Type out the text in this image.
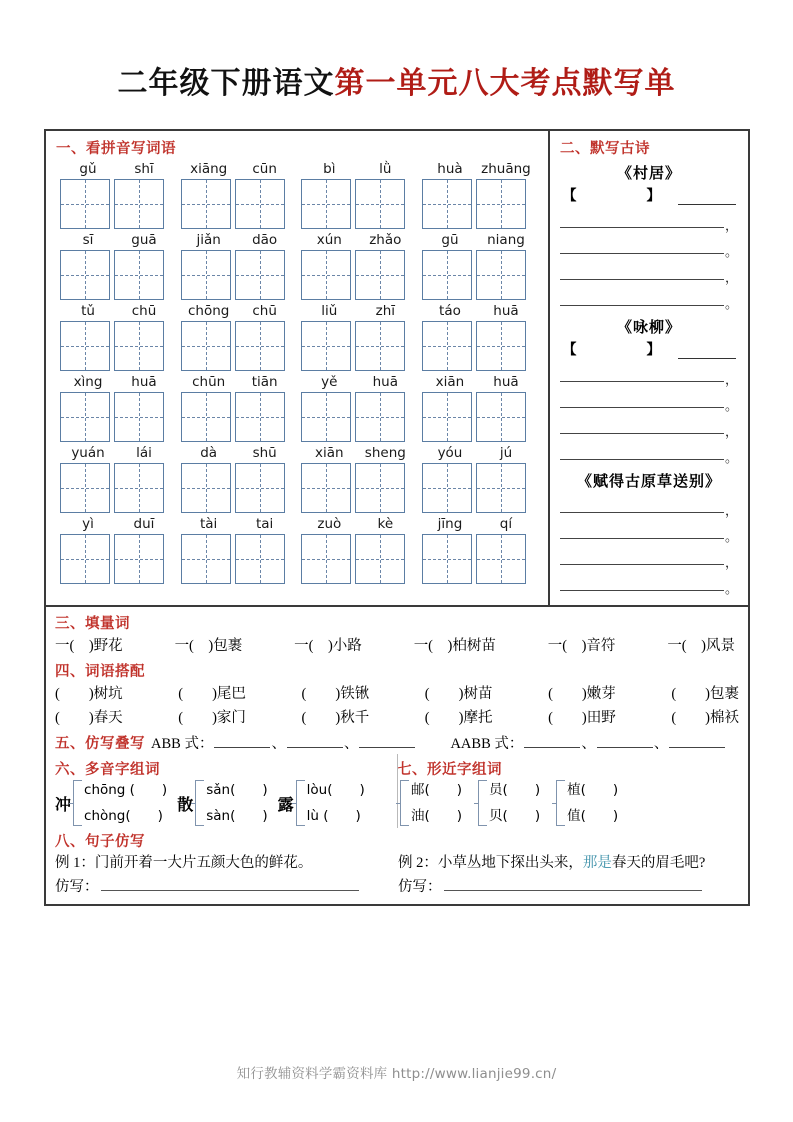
二年级下册语文第一单元八大考点默写单
一、看拼音写词语
gǔ	shī	xiāng	cūn	bì	lǜ	huà	zhuāng
sī	guā	jiǎn	dāo	xún	zhǎo	gū	niang
tǔ	chū	chōng	chū	liǔ	zhī	táo	huā
xìng	huā	chūn	tiān	yě	huā	xiān	huā
yuán	lái	dà	shū	xiān	sheng	yóu	jú
yì	duī	tài	tai	zuò	kè	jīng	qí
二、默写古诗
《村居》
【　　】
，
。
，
。
《咏柳》
【　　】
，
。
，
。
《赋得古原草送别》
，
。
，
。
三、填量词
一(　)野花	一(　)包裹	一(　)小路	一(　)柏树苗	一(　)音符	一(　)风景
四、词语搭配
(　　)树坑	(　　)尾巴	(　　)铁锹	(　　)树苗	(　　)嫩芽	(　　)包裹
(　　)春天	(　　)家门	(　　)秋千	(　　)摩托	(　　)田野	(　　)棉袄
五、仿写叠写 ABB 式：	、	、	AABB 式：	、	、
六、多音字组词	七、形近字组词
冲
chōng (　　)
chòng(　　)
散
sǎn(　　)
sàn(　　)
露
lòu(　　)
lù (　　)
邮(　　)
油(　　)
员(　　)
贝(　　)
植(　　)
值(　　)
八、句子仿写
例 1：门前开着一大片五颜大色的鲜花。	例 2：小草丛地下探出头来，那是春天的眉毛吧?
仿写：	仿写：
知行教辅资料学霸资料库 http://www.lianjie99.cn/
